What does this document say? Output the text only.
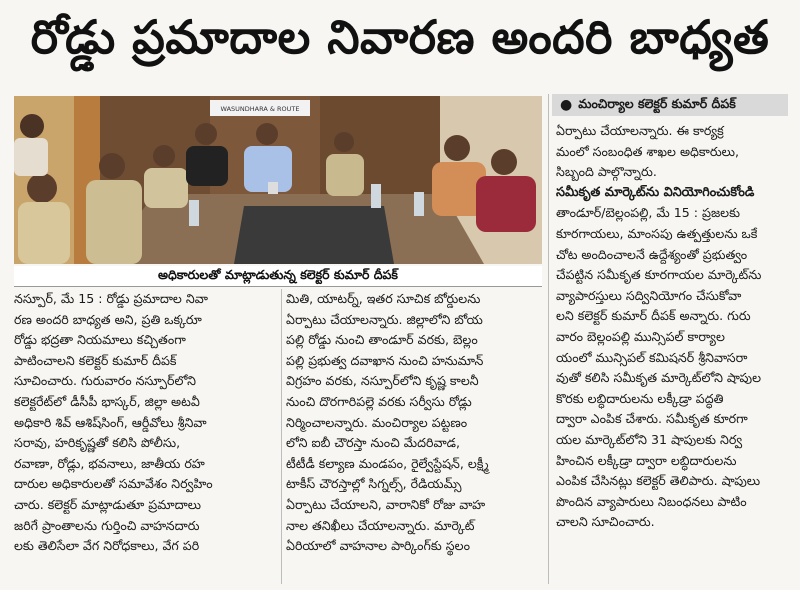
రోడ్డు ప్రమాదాల నివారణ అందరి బాధ్యత
WASUNDHARA & ROUTE
అధికారులతో మాట్లాడుతున్న కలెక్టర్ కుమార్ దీపక్
● మంచిర్యాల కలెక్టర్ కుమార్ దీపక్
నస్పూర్, మే 15 : రోడ్డు ప్రమాదాల నివా
రణ అందరి బాధ్యత అని, ప్రతి ఒక్కరూ
రోడ్డు భద్రతా నియమాలు కచ్చితంగా
పాటించాలని కలెక్టర్ కుమార్ దీపక్
సూచించారు. గురువారం నస్పూర్‌లోని
కలెక్టరేట్‌లో డీసీపీ భాస్కర్, జిల్లా అటవీ
అధికారి శివ్ ఆశిష్‌సింగ్, ఆర్డీవోలు శ్రీనివా
సరావు, హరికృష్ణతో కలిసి పోలీసు,
రవాణా, రోడ్లు, భవనాలు, జాతీయ రహ
దారుల అధికారులతో సమావేశం నిర్వహిం
చారు. కలెక్టర్ మాట్లాడుతూ ప్రమాదాలు
జరిగే ప్రాంతాలను గుర్తించి వాహనదారు
లకు తెలిసేలా వేగ నిరోధకాలు, వేగ పరి
మితి, యాటర్న్, ఇతర సూచిక బోర్డులను
ఏర్పాటు చేయాలన్నారు. జిల్లాలోని బోయ
పల్లి రోడ్డు నుంచి తాండూర్ వరకు, బెల్లం
పల్లి ప్రభుత్వ దవాఖాన నుంచి హనుమాన్
విగ్రహం వరకు, నస్పూర్‌లోని కృష్ణ కాలనీ
నుంచి దొరగారిపల్లె వరకు సర్వీసు రోడ్లు
నిర్మించాలన్నారు. మంచిర్యాల పట్టణం
లోని ఐబీ చౌరస్తా నుంచి మేదరివాడ,
టీటీడీ కల్యాణ మండపం, రైల్వేస్టేషన్, లక్ష్మీ
టాకీస్ చౌరస్తాల్లో సిగ్నల్స్, రేడియమ్స్
ఏర్పాటు చేయాలని, వారానికో రోజు వాహ
నాల తనిఖీలు చేయాలన్నారు. మార్కెట్
ఏరియాలో వాహనాల పార్కింగ్‌కు స్థలం
ఏర్పాటు చేయాలన్నారు. ఈ కార్యక్ర
మంలో సంబంధిత శాఖల అధికారులు,
సిబ్బంది పాల్గొన్నారు.
సమీకృత మార్కెట్‌ను వినియోగించుకోండి
తాండూర్/బెల్లంపల్లి, మే 15 : ప్రజలకు
కూరగాయలు, మాంసపు ఉత్పత్తులను ఒకే
చోట అందించాలనే ఉద్దేశ్యంతో ప్రభుత్వం
చేపట్టిన సమీకృత కూరగాయల మార్కెట్‌ను
వ్యాపారస్తులు సద్వినియోగం చేసుకోవా
లని కలెక్టర్ కుమార్ దీపక్ అన్నారు. గురు
వారం బెల్లంపల్లి మున్సిపల్ కార్యాల
యంలో మున్సిపల్ కమిషనర్ శ్రీనివాసరా
వుతో కలిసి సమీకృత మార్కెట్‌లోని షాపుల
కొరకు లబ్ధిదారులను లక్కీడ్రా పద్ధతి
ద్వారా ఎంపిక చేశారు. సమీకృత కూరగా
యల మార్కెట్‌లోని 31 షాపులకు నిర్వ
హించిన లక్కీడ్రా ద్వారా లబ్ధిదారులను
ఎంపిక చేసినట్లు కలెక్టర్ తెలిపారు. షాపులు
పొందిన వ్యాపారులు నిబంధనలు పాటిం
చాలని సూచించారు.
